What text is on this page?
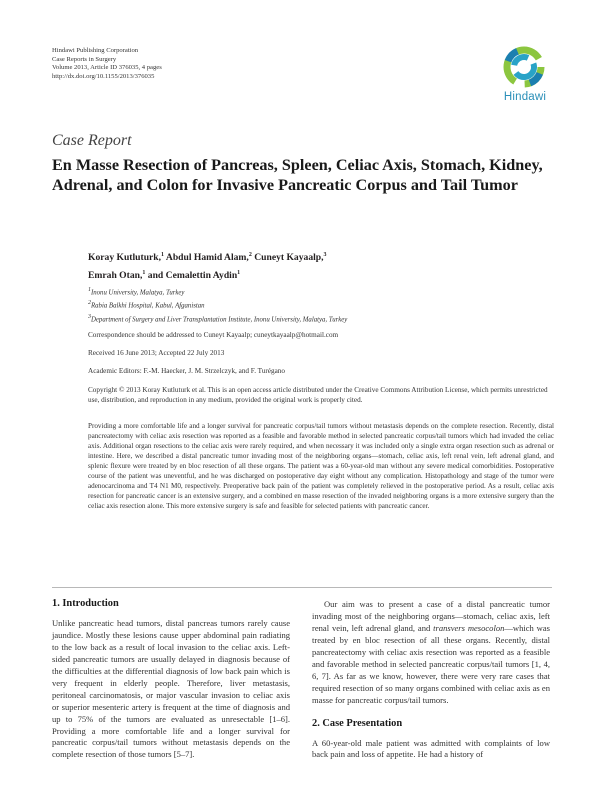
Hindawi Publishing Corporation
Case Reports in Surgery
Volume 2013, Article ID 376035, 4 pages
http://dx.doi.org/10.1155/2013/376035
Hindawi
Case Report
En Masse Resection of Pancreas, Spleen, Celiac Axis, Stomach, Kidney, Adrenal, and Colon for Invasive Pancreatic Corpus and Tail Tumor
Koray Kutluturk,$^1$ Abdul Hamid Alam,$^2$ Cuneyt Kayaalp,$^3$
Emrah Otan,$^1$ and Cemalettin Aydin$^1$
$^1$Inonu University, Malatya, Turkey
$^2$Rabia Balkhi Hospital, Kabul, Afganistan
$^3$Department of Surgery and Liver Transplantation Institute, Inonu University, Malatya, Turkey
Correspondence should be addressed to Cuneyt Kayaalp; cuneytkayaalp@hotmail.com
Received 16 June 2013; Accepted 22 July 2013
Academic Editors: F.-M. Haecker, J. M. Strzelczyk, and F. Turégano
Copyright © 2013 Koray Kutluturk et al. This is an open access article distributed under the Creative Commons Attribution License, which permits unrestricted use, distribution, and reproduction in any medium, provided the original work is properly cited.
Providing a more comfortable life and a longer survival for pancreatic corpus/tail tumors without metastasis depends on the complete resection. Recently, distal pancreatectomy with celiac axis resection was reported as a feasible and favorable method in selected pancreatic corpus/tail tumors which had invaded the celiac axis. Additional organ resections to the celiac axis were rarely required, and when necessary it was included only a single extra organ resection such as adrenal or intestine. Here, we described a distal pancreatic tumor invading most of the neighboring organs—stomach, celiac axis, left renal vein, left adrenal gland, and splenic flexure were treated by en bloc resection of all these organs. The patient was a 60-year-old man without any severe medical comorbidities. Postoperative course of the patient was uneventful, and he was discharged on postoperative day eight without any complication. Histopathology and stage of the tumor were adenocarcinoma and T4 N1 M0, respectively. Preoperative back pain of the patient was completely relieved in the postoperative period. As a result, celiac axis resection for pancreatic cancer is an extensive surgery, and a combined en masse resection of the invaded neighboring organs is a more extensive surgery than the celiac axis resection alone. This more extensive surgery is safe and feasible for selected patients with pancreatic cancer.
1. Introduction

Unlike pancreatic head tumors, distal pancreas tumors rarely cause jaundice. Mostly these lesions cause upper abdominal pain radiating to the low back as a result of local invasion to the celiac axis. Left-sided pancreatic tumors are usually delayed in diagnosis because of the difficulties at the differential diagnosis of low back pain which is very frequent in elderly people. Therefore, liver metastasis, peritoneal carcinomatosis, or major vascular invasion to celiac axis or superior mesenteric artery is frequent at the time of diagnosis and up to 75% of the tumors are evaluated as unresectable [1–6]. Providing a more comfortable life and a longer survival for pancreatic corpus/tail tumors without metastasis depends on the complete resection of those tumors [5–7].

Our aim was to present a case of a distal pancreatic tumor invading most of the neighboring organs—stomach, celiac axis, left renal vein, left adrenal gland, and transvers mesocolon—which was treated by en bloc resection of all these organs. Recently, distal pancreatectomy with celiac axis resection was reported as a feasible and favorable method in selected pancreatic corpus/tail tumors [1, 4, 6, 7]. As far as we know, however, there were very rare cases that required resection of so many organs combined with celiac axis as en masse for pancreatic corpus/tail tumors.

2. Case Presentation

A 60-year-old male patient was admitted with complaints of low back pain and loss of appetite. He had a history of
